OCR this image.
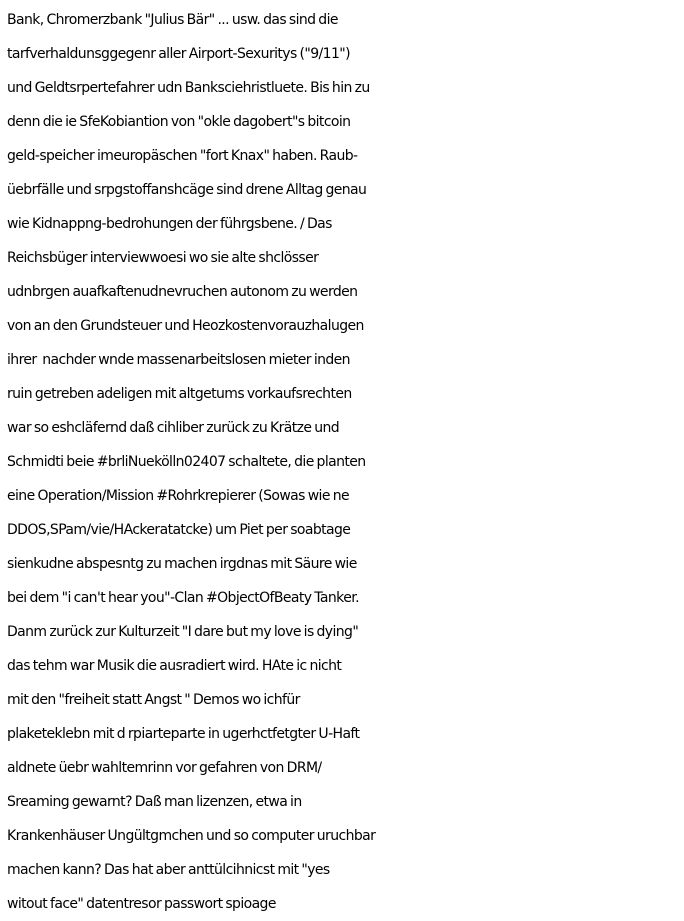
Bank, Chromerzbank "Julius Bär" ... usw. das sind die
tarfverhaldunsggegenr aller Airport-Sexuritys ("9/11")
und Geldtsrpertefahrer udn Banksciehristluete. Bis hin zu
denn die ie SfeKobiantion von "okle dagobert"s bitcoin
geld-speicher imeuropäschen "fort Knax" haben. Raub-
üebrfälle und srpgstoffanshcäge sind drene Alltag genau
wie Kidnappng-bedrohungen der führgsbene. / Das
Reichsbüger interviewwoesi wo sie alte shclösser
udnbrgen auafkaftenudnevruchen autonom zu werden
von an den Grundsteuer und Heozkostenvorauzhalugen
ihrer  nachder wnde massenarbeitslosen mieter inden
ruin getreben adeligen mit altgetums vorkaufsrechten
war so eshcläfernd daß cihliber zurück zu Krätze und
Schmidti beie #brliNuekölln02407 schaltete, die planten
eine Operation/Mission #Rohrkrepierer (Sowas wie ne
DDOS,SPam/vie/HAckeratatcke) um Piet per soabtage
sienkudne abspesntg zu machen irgdnas mit Säure wie
bei dem "i can't hear you"-Clan #ObjectOfBeaty Tanker.
Danm zurück zur Kulturzeit "I dare but my love is dying"
das tehm war Musik die ausradiert wird. HAte ic nicht
mit den "freiheit statt Angst " Demos wo ichfür
plaketeklebn mit d rpiarteparte in ugerhctfetgter U-Haft
aldnete üebr wahltemrinn vor gefahren von DRM/
Sreaming gewarnt? Daß man lizenzen, etwa in
Krankenhäuser Ungültgmchen und so computer uruchbar
machen kann? Das hat aber anttülcihnicst mit "yes
witout face" datentresor passwort spioage
